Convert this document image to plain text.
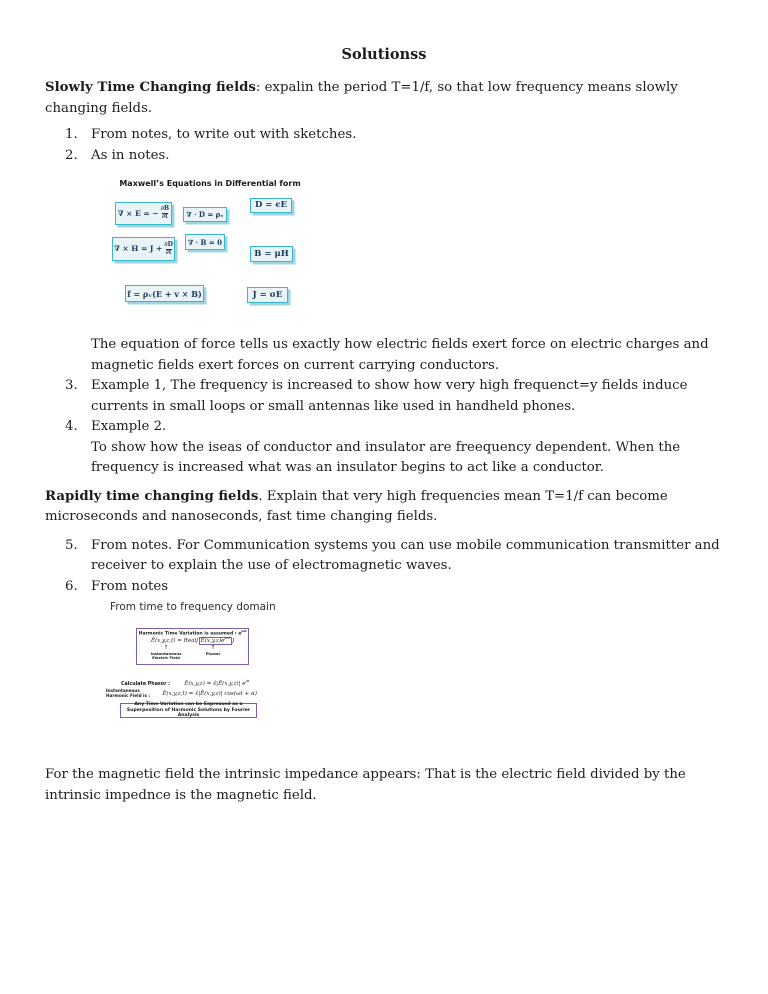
Solutionss

Slowly Time Changing fields: expalin the period T=1/f, so that low frequency means slowly changing fields.

1.	From notes, to write out with sketches.
2.	As in notes.
Maxwell’s Equations in Differential form
∇ × E = − $\frac{\partial B}{\partial t}$	∇ · D = ρᵥ
D = ϵE
∇ × $H = J + \frac{\partial D}{\partial t}$	∇ · B = 0
B = μH
f = ρᵥ(E + v × B)	J = σE

The equation of force tells us exactly how electric fields exert force on electric charges and magnetic fields exert forces on current carrying conductors.

3.	Example 1, The frequency is increased to show how very high frequenct=y fields induce currents in small loops or small antennas like used in handheld phones.
4.	Example 2.

To show how the iseas of conductor and insulator are freequency dependent. When the frequency is increased what was an insulator begins to act like a conductor.

Rapidly time changing fields. Explain that very high frequencies mean T=1/f can become microseconds and nanoseconds, fast time changing fields.

5.	From notes. For Communication systems you can use mobile communication transmitter and receiver to explain the use of electromagnetic waves.
6.	From notes
From time to frequency domain
Harmonic Time Variation is assumed : $e^{j\omega t}$
Ē(x,y,z,t) = Real[ $Ē(x,y,z)e^{j\omega t}$ ]
↑
Instantaneous
Electric Field
↑
Phasor
Calculate Phasor :	Ē(x,y,z) = x̂|Ē(x,y,z)| $e^{j\alpha}$
Instantaneous
Harmonic Field is : Ē(x,y,z,t) = x̂|Ē(x,y,z)| cos(ωt + α)
Any Time Variation can be Expressed as a
Superposition of Harmonic Solutions by Fourier Analysis

For the magnetic field the intrinsic impedance appears: That is the electric field divided by the intrinsic impednce is the magnetic field.
